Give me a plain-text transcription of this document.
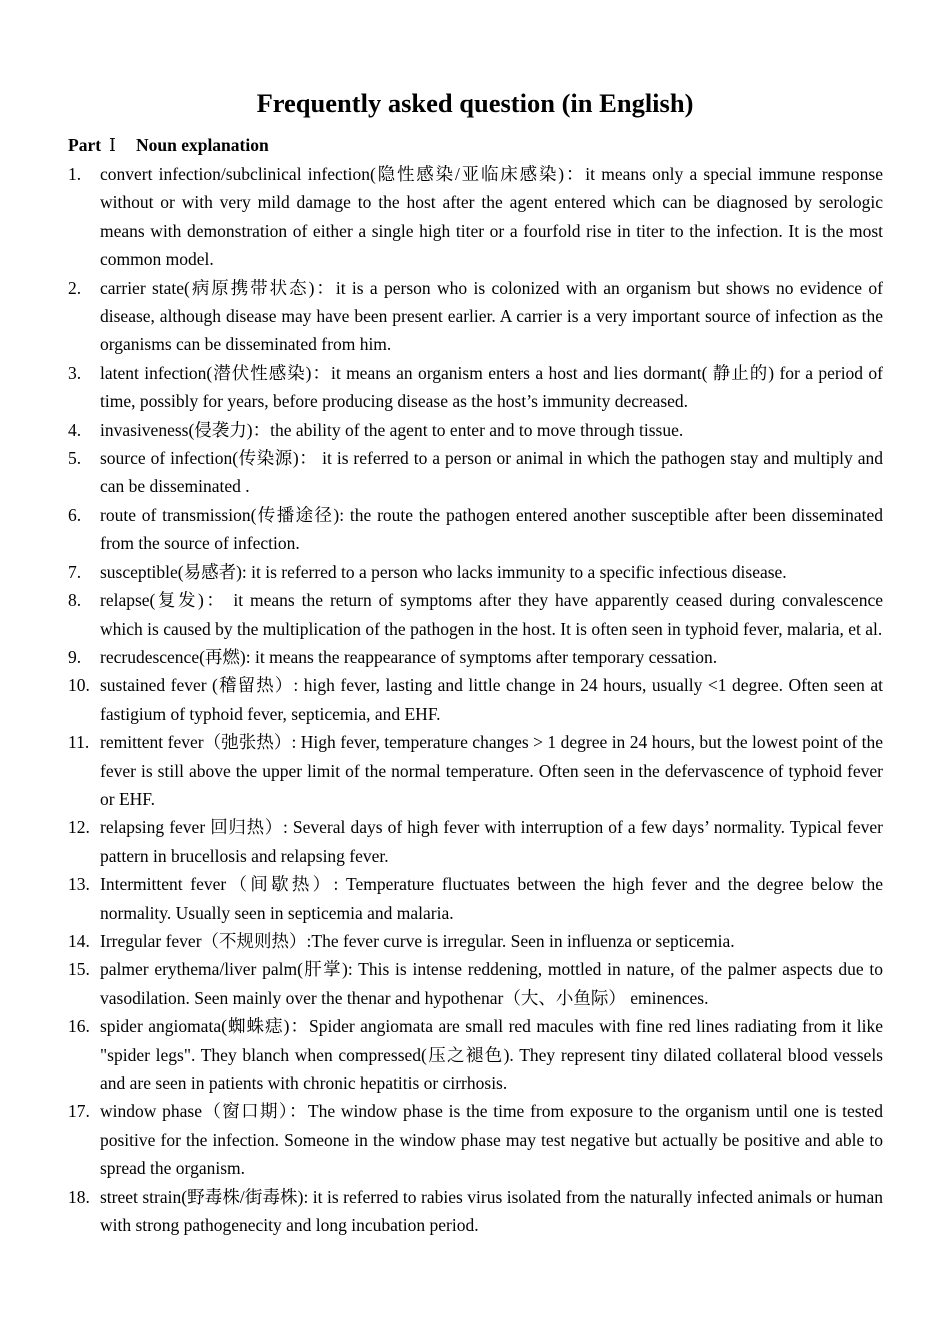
Frequently asked question (in English)
Part Ⅰ Noun explanation
1.	convert infection/subclinical infection(隐性感染/亚临床感染)：it means only a special immune response without or with very mild damage to the host after the agent entered which can be diagnosed by serologic means with demonstration of either a single high titer or a fourfold rise in titer to the infection. It is the most common model.
2.	carrier state(病原携带状态)：it is a person who is colonized with an organism but shows no evidence of disease, although disease may have been present earlier. A carrier is a very important source of infection as the organisms can be disseminated from him.
3.	latent infection(潜伏性感染)：it means an organism enters a host and lies dormant( 静止的) for a period of time, possibly for years, before producing disease as the host’s immunity decreased.
4.	invasiveness(侵袭力)：the ability of the agent to enter and to move through tissue.
5.	source of infection(传染源)： it is referred to a person or animal in which the pathogen stay and multiply and can be disseminated .
6.	route of transmission(传播途径): the route the pathogen entered another susceptible after been disseminated from the source of infection.
7.	susceptible(易感者): it is referred to a person who lacks immunity to a specific infectious disease.
8.	relapse(复发)： it means the return of symptoms after they have apparently ceased during convalescence which is caused by the multiplication of the pathogen in the host. It is often seen in typhoid fever, malaria, et al.
9.	recrudescence(再燃): it means the reappearance of symptoms after temporary cessation.
10. sustained fever (稽留热）: high fever, lasting and little change in 24 hours, usually <1 degree. Often seen at fastigium of typhoid fever, septicemia, and EHF.
11. remittent fever（弛张热）: High fever, temperature changes > 1 degree in 24 hours, but the lowest point of the fever is still above the upper limit of the normal temperature. Often seen in the defervascence of typhoid fever or EHF.
12. relapsing fever 回归热）: Several days of high fever with interruption of a few days’ normality. Typical fever pattern in brucellosis and relapsing fever.
13. Intermittent fever（间歇热）: Temperature fluctuates between the high fever and the degree below the normality. Usually seen in septicemia and malaria.
14. Irregular fever（不规则热）:The fever curve is irregular. Seen in influenza or septicemia.
15. palmer erythema/liver palm(肝掌): This is intense reddening, mottled in nature, of the palmer aspects due to vasodilation. Seen mainly over the thenar and hypothenar（大、小鱼际） eminences.
16. spider angiomata(蜘蛛痣)：Spider angiomata are small red macules with fine red lines radiating from it like "spider legs". They blanch when compressed(压之褪色). They represent tiny dilated collateral blood vessels and are seen in patients with chronic hepatitis or cirrhosis.
17. window phase（窗口期）：The window phase is the time from exposure to the organism until one is tested positive for the infection. Someone in the window phase may test negative but actually be positive and able to spread the organism.
18. street strain(野毒株/街毒株): it is referred to rabies virus isolated from the naturally infected animals or human with strong pathogenecity and long incubation period.
